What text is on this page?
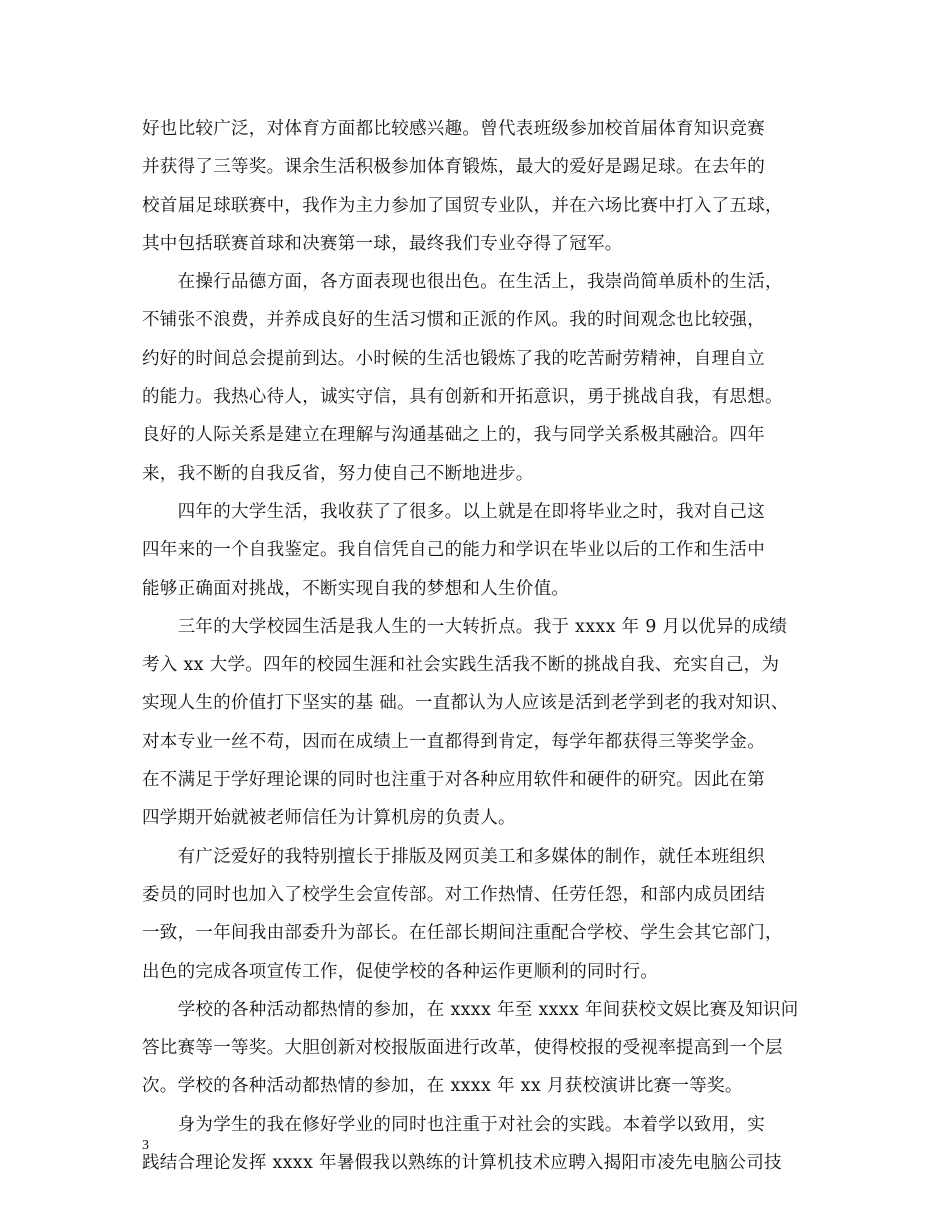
好也比较广泛，对体育方面都比较感兴趣。曾代表班级参加校首届体育知识竞赛
并获得了三等奖。课余生活积极参加体育锻炼，最大的爱好是踢足球。在去年的
校首届足球联赛中，我作为主力参加了国贸专业队，并在六场比赛中打入了五球，
其中包括联赛首球和决赛第一球，最终我们专业夺得了冠军。
　　在操行品德方面，各方面表现也很出色。在生活上，我崇尚简单质朴的生活，
不铺张不浪费，并养成良好的生活习惯和正派的作风。我的时间观念也比较强，
约好的时间总会提前到达。小时候的生活也锻炼了我的吃苦耐劳精神，自理自立
的能力。我热心待人，诚实守信，具有创新和开拓意识，勇于挑战自我，有思想。
良好的人际关系是建立在理解与沟通基础之上的，我与同学关系极其融洽。四年
来，我不断的自我反省，努力使自己不断地进步。
　　四年的大学生活，我收获了了很多。以上就是在即将毕业之时，我对自己这
四年来的一个自我鉴定。我自信凭自己的能力和学识在毕业以后的工作和生活中
能够正确面对挑战，不断实现自我的梦想和人生价值。
　　三年的大学校园生活是我人生的一大转折点。我于 xxxx 年 9 月以优异的成绩
考入 xx 大学。四年的校园生涯和社会实践生活我不断的挑战自我、充实自己，为
实现人生的价值打下坚实的基 础。一直都认为人应该是活到老学到老的我对知识、
对本专业一丝不苟，因而在成绩上一直都得到肯定，每学年都获得三等奖学金。
在不满足于学好理论课的同时也注重于对各种应用软件和硬件的研究。因此在第
四学期开始就被老师信任为计算机房的负责人。
　　有广泛爱好的我特别擅长于排版及网页美工和多媒体的制作，就任本班组织
委员的同时也加入了校学生会宣传部。对工作热情、任劳任怨，和部内成员团结
一致，一年间我由部委升为部长。在任部长期间注重配合学校、学生会其它部门，
出色的完成各项宣传工作，促使学校的各种运作更顺利的同时行。
　　学校的各种活动都热情的参加，在 xxxx 年至 xxxx 年间获校文娱比赛及知识问
答比赛等一等奖。大胆创新对校报版面进行改革，使得校报的受视率提高到一个层
次。学校的各种活动都热情的参加，在 xxxx 年 xx 月获校演讲比赛一等奖。
　　身为学生的我在修好学业的同时也注重于对社会的实践。本着学以致用，实
践结合理论发挥 xxxx 年暑假我以熟练的计算机技术应聘入揭阳市凌先电脑公司技
3
